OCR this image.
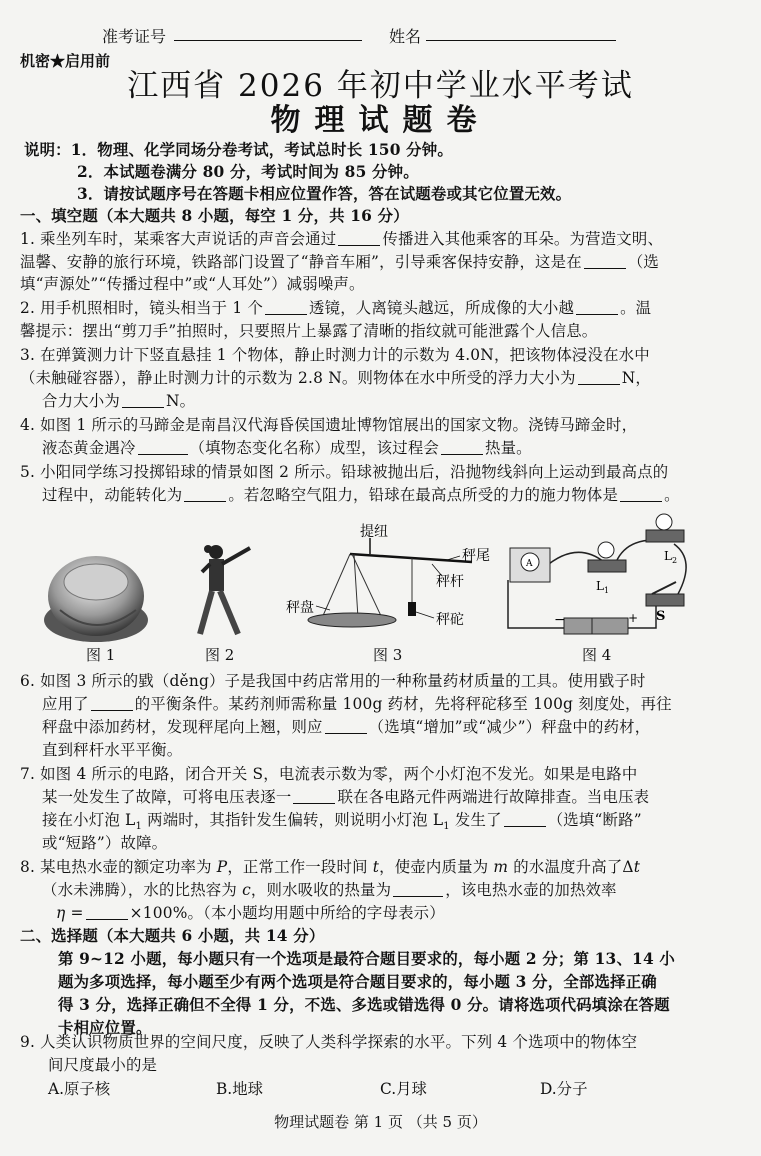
准考证号	姓名
机密★启用前
江西省 2026 年初中学业水平考试
物理试题卷
说明：1．物理、化学同场分卷考试，考试总时长 150 分钟。
2．本试题卷满分 80 分，考试时间为 85 分钟。
3．请按试题序号在答题卡相应位置作答，答在试题卷或其它位置无效。
一、填空题（本大题共 8 小题，每空 1 分，共 16 分）
1. 乘坐列车时，某乘客大声说话的声音会通过	传播进入其他乘客的耳朵。为营造文明、
温馨、安静的旅行环境，铁路部门设置了“静音车厢”，引导乘客保持安静，这是在	（选
填“声源处”“传播过程中”或“人耳处”）减弱噪声。
2. 用手机照相时，镜头相当于 1 个	透镜，人离镜头越远，所成像的大小越	。温
馨提示：摆出“剪刀手”拍照时，只要照片上暴露了清晰的指纹就可能泄露个人信息。
3. 在弹簧测力计下竖直悬挂 1 个物体，静止时测力计的示数为 4.0N，把该物体浸没在水中
（未触碰容器），静止时测力计的示数为 2.8 N。则物体在水中所受的浮力大小为	N，
合力大小为	N。
4. 如图 1 所示的马蹄金是南昌汉代海昏侯国遗址博物馆展出的国家文物。浇铸马蹄金时，
液态黄金遇冷	（填物态变化名称）成型，该过程会	热量。
5. 小阳同学练习投掷铅球的情景如图 2 所示。铅球被抛出后，沿抛物线斜向上运动到最高点的
过程中，动能转化为	。若忽略空气阻力，铅球在最高点所受的力的施力物体是	。
提纽
秤尾
秤杆
秤盘
秤砣
A
$L_1$
$L_2$
S
−	+
图 1	图 2	图 3	图 4
6. 如图 3 所示的戥（děng）子是我国中药店常用的一种称量药材质量的工具。使用戥子时
应用了	的平衡条件。某药剂师需称量 100g 药材，先将秤砣移至 100g 刻度处，再往
秤盘中添加药材，发现秤尾向上翘，则应	（选填“增加”或“减少”）秤盘中的药材，
直到秤杆水平平衡。
7. 如图 4 所示的电路，闭合开关 S，电流表示数为零，两个小灯泡不发光。如果是电路中
某一处发生了故障，可将电压表逐一	联在各电路元件两端进行故障排查。当电压表
接在小灯泡 $L_1$ 两端时，其指针发生偏转，则说明小灯泡 $L_1$ 发生了	（选填“断路”
或“短路”）故障。
8. 某电热水壶的额定功率为 P，正常工作一段时间 t，使壶内质量为 m 的水温度升高了Δt
（水未沸腾），水的比热容为 c，则水吸收的热量为	，该电热水壶的加热效率
η =	×100%。（本小题均用题中所给的字母表示）
二、选择题（本大题共 6 小题，共 14 分）
第 9~12 小题，每小题只有一个选项是最符合题目要求的，每小题 2 分；第 13、14 小
题为多项选择，每小题至少有两个选项是符合题目要求的，每小题 3 分，全部选择正确
得 3 分，选择正确但不全得 1 分，不选、多选或错选得 0 分。请将选项代码填涂在答题
卡相应位置。
9. 人类认识物质世界的空间尺度，反映了人类科学探索的水平。下列 4 个选项中的物体空
间尺度最小的是
A.原子核	B.地球	C.月球	D.分子
物理试题卷 第 1 页 （共 5 页）
